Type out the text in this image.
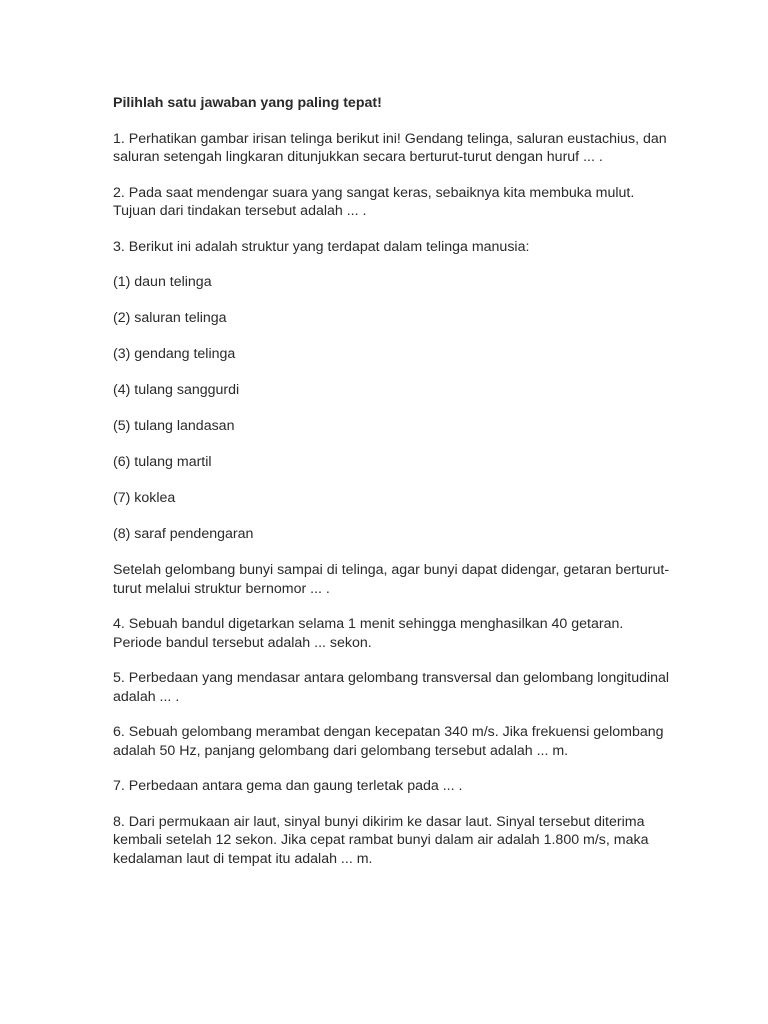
Pilihlah satu jawaban yang paling tepat!

1. Perhatikan gambar irisan telinga berikut ini! Gendang telinga, saluran eustachius, dan saluran setengah lingkaran ditunjukkan secara berturut-turut dengan huruf ... .

2. Pada saat mendengar suara yang sangat keras, sebaiknya kita membuka mulut. Tujuan dari tindakan tersebut adalah ... .

3. Berikut ini adalah struktur yang terdapat dalam telinga manusia:

(1) daun telinga

(2) saluran telinga

(3) gendang telinga

(4) tulang sanggurdi

(5) tulang landasan

(6) tulang martil

(7) koklea

(8) saraf pendengaran

Setelah gelombang bunyi sampai di telinga, agar bunyi dapat didengar, getaran berturut-turut melalui struktur bernomor ... .

4. Sebuah bandul digetarkan selama 1 menit sehingga menghasilkan 40 getaran. Periode bandul tersebut adalah ... sekon.

5. Perbedaan yang mendasar antara gelombang transversal dan gelombang longitudinal adalah ... .

6. Sebuah gelombang merambat dengan kecepatan 340 m/s. Jika frekuensi gelombang adalah 50 Hz, panjang gelombang dari gelombang tersebut adalah ... m.

7. Perbedaan antara gema dan gaung terletak pada ... .

8. Dari permukaan air laut, sinyal bunyi dikirim ke dasar laut. Sinyal tersebut diterima kembali setelah 12 sekon. Jika cepat rambat bunyi dalam air adalah 1.800 m/s, maka kedalaman laut di tempat itu adalah ... m.
